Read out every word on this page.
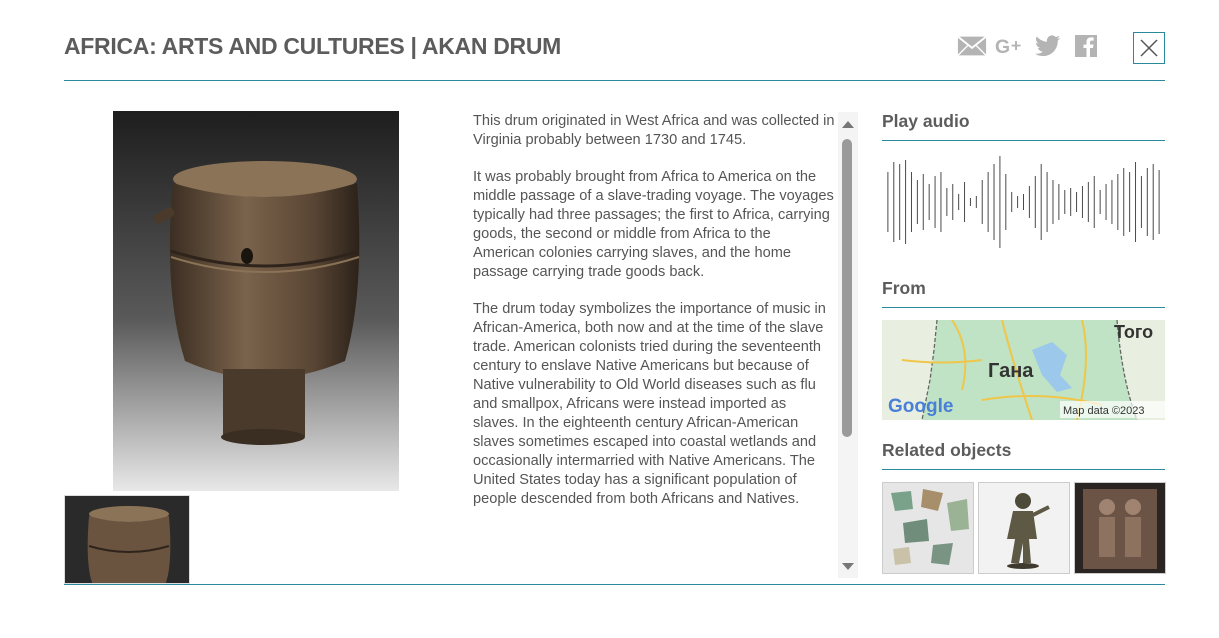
AFRICA: ARTS AND CULTURES | AKAN DRUM	G +

This drum originated in West Africa and was collected in Virginia probably between 1730 and 1745.

It was probably brought from Africa to America on the middle passage of a slave-trading voyage. The voyages typically had three passages; the first to Africa, carrying goods, the second or middle from Africa to the American colonies carrying slaves, and the home passage carrying trade goods back.

The drum today symbolizes the importance of music in African-America, both now and at the time of the slave trade. American colonists tried during the seventeenth century to enslave Native Americans but because of Native vulnerability to Old World diseases such as flu and smallpox, Africans were instead imported as slaves. In the eighteenth century African-American slaves sometimes escaped into coastal wetlands and occasionally intermarried with Native Americans. The United States today has a significant population of people descended from both Africans and Natives.

Play audio
From
Гана
Того
Google	Map data ©2023
Related objects
